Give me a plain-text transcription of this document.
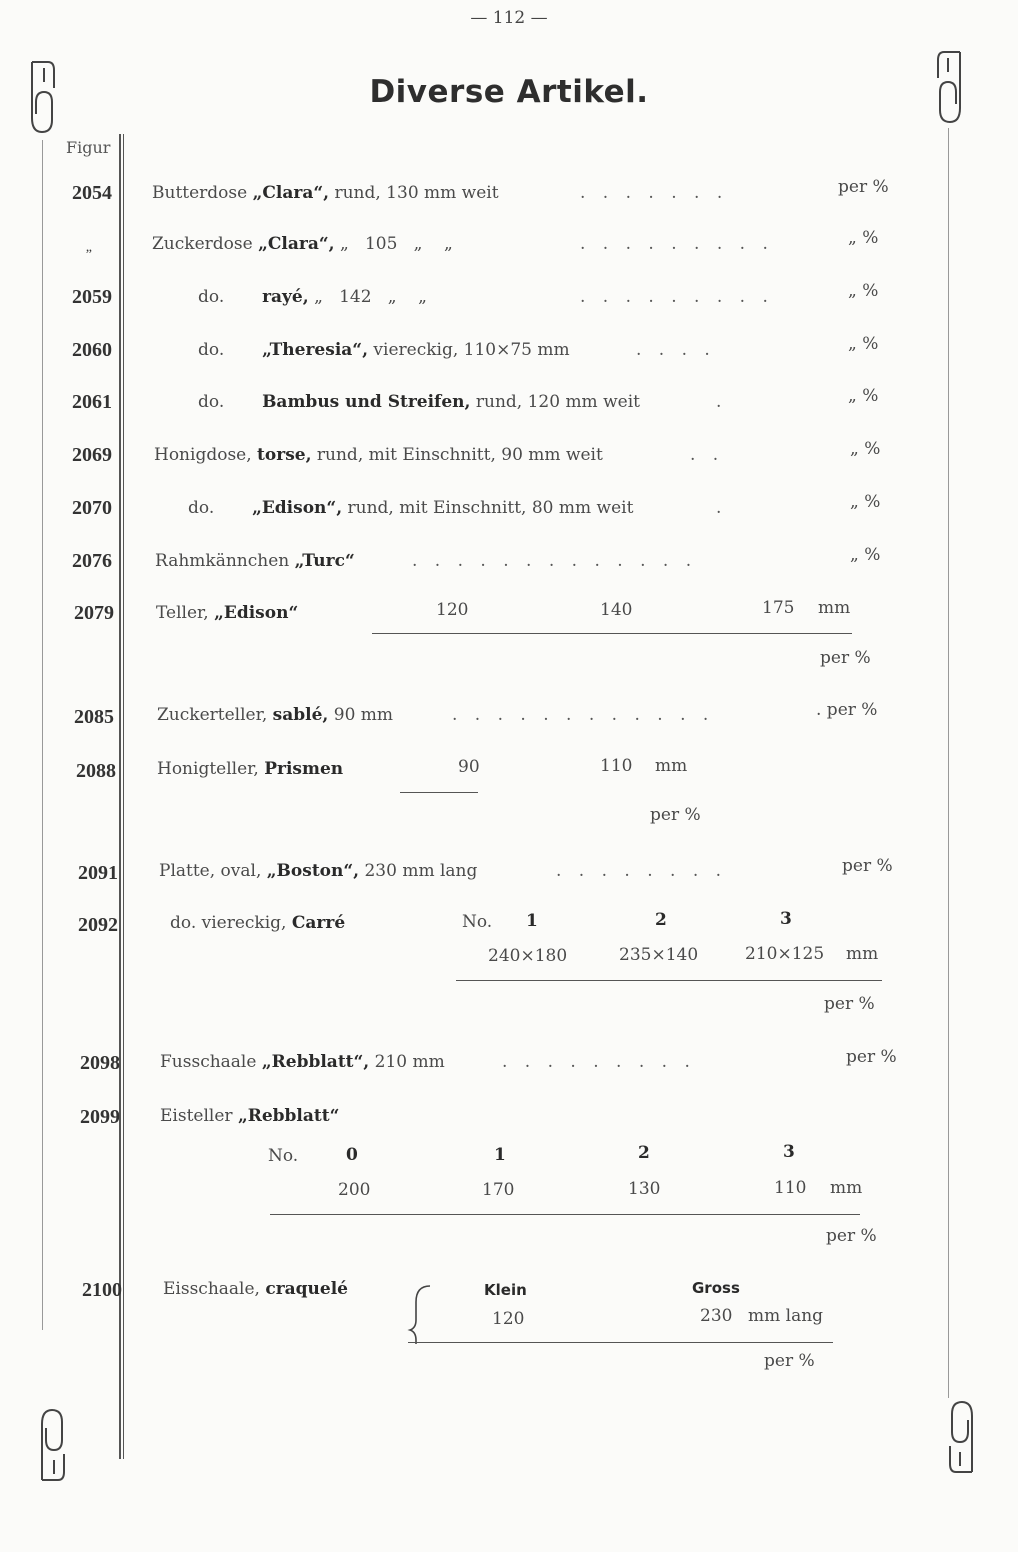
— 112 —
Diverse Artikel.
Figur
2054 Butterdose „Clara“, rund, 130 mm weit	. . . . . . .	per %
„	Zuckerdose „Clara“, „   105   „    „	. . . . . . . . .	„ %
2059	do. rayé, „   142   „    „	. . . . . . . . .	„ %
2060	do. „Theresia“, viereckig, 110×75 mm	. . . .	„ %
2061	do. Bambus und Streifen, rund, 120 mm weit	.	„ %
2069 Honigdose, torse, rund, mit Einschnitt, 90 mm weit	. .	„ %
2070	do. „Edison“, rund, mit Einschnitt, 80 mm weit	.	„ %
2076	Rahmkännchen „Turc“	. . . . . . . . . . . . .	„ %
2079 Teller, „Edison“	120	140	175 mm
per %
2085	Zuckerteller, sablé, 90 mm	. . . . . . . . . . . .	. per %
2088 Honigteller, Prismen	90	110 mm
per %
2091 Platte, oval, „Boston“, 230 mm lang	. . . . . . . .	per %
2092	do. viereckig, Carré	No. 1	2	3
240×180	235×140	210×125 mm
per %
2098 Fusschaale „Rebblatt“, 210 mm	. . . . . . . . .	per %
2099 Eisteller „Rebblatt“
No.	0	1	2	3
200	170	130	110 mm
per %
2100 Eisschaale, craquelé	Klein	Gross
120	230 mm lang
per %
